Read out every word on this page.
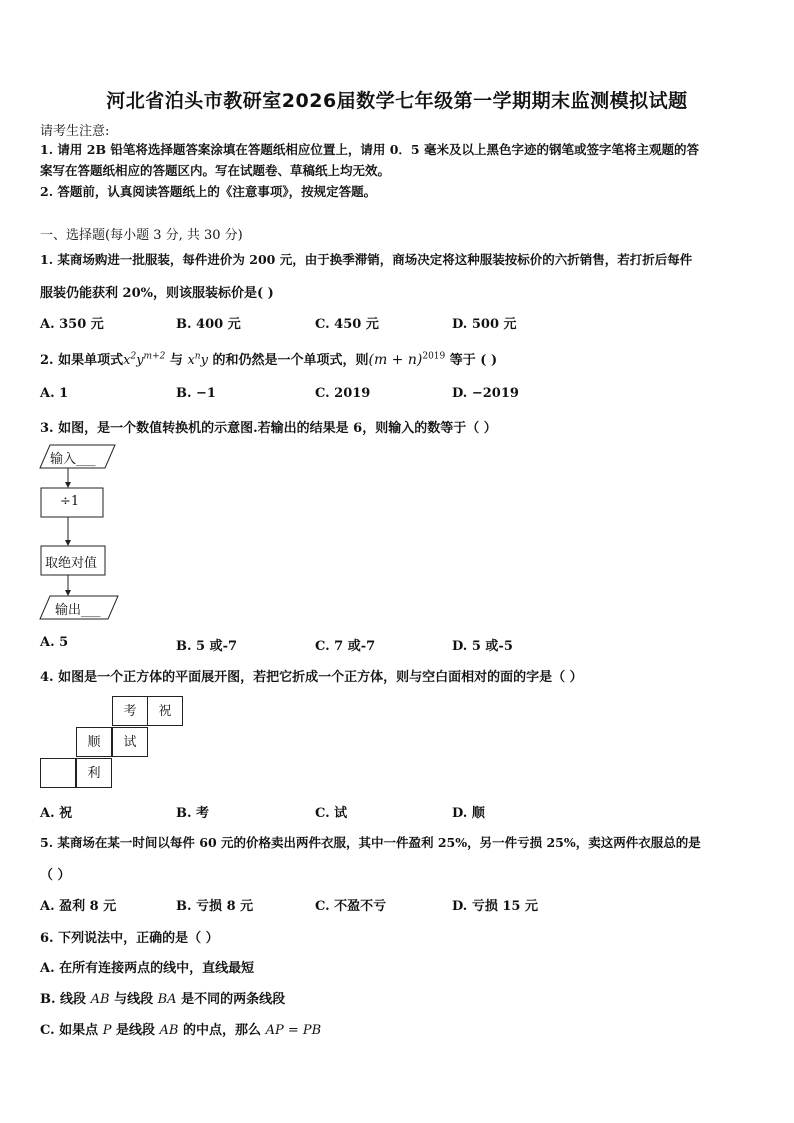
河北省泊头市教研室2026届数学七年级第一学期期末监测模拟试题
请考生注意:
1. 请用 2B 铅笔将选择题答案涂填在答题纸相应位置上，请用 0．5 毫米及以上黑色字迹的钢笔或签字笔将主观题的答
案写在答题纸相应的答题区内。写在试题卷、草稿纸上均无效。
2. 答题前，认真阅读答题纸上的《注意事项》，按规定答题。
一、选择题(每小题 3 分, 共 30 分)
1. 某商场购进一批服装，每件进价为 200 元，由于换季滞销，商场决定将这种服装按标价的六折销售，若打折后每件
服装仍能获利 20%，则该服装标价是( )
A. 350 元	B. 400 元	C. 450 元	D. 500 元
2. 如果单项式$x^2y^{m+2}$ 与 $x^ny$ 的和仍然是一个单项式，则$(m + n)^{2019}$ 等于 ( )
A. 1	B. −1	C. 2019	D. −2019
3. 如图，是一个数值转换机的示意图.若输出的结果是 6，则输入的数等于（ ）
输入___
÷1
取绝对值
输出___
A. 5	B. 5 或-7	C. 7 或-7	D. 5 或-5
4. 如图是一个正方体的平面展开图，若把它折成一个正方体，则与空白面相对的面的字是（ ）
考	祝
顺	试
利
A. 祝	B. 考	C. 试	D. 顺
5. 某商场在某一时间以每件 60 元的价格卖出两件衣服，其中一件盈利 25%，另一件亏损 25%，卖这两件衣服总的是
（ ）
A. 盈利 8 元	B. 亏损 8 元	C. 不盈不亏	D. 亏损 15 元
6. 下列说法中，正确的是（ ）
A. 在所有连接两点的线中，直线最短
B. 线段 AB 与线段 BA 是不同的两条线段
C. 如果点 P 是线段 AB 的中点，那么 AP = PB
